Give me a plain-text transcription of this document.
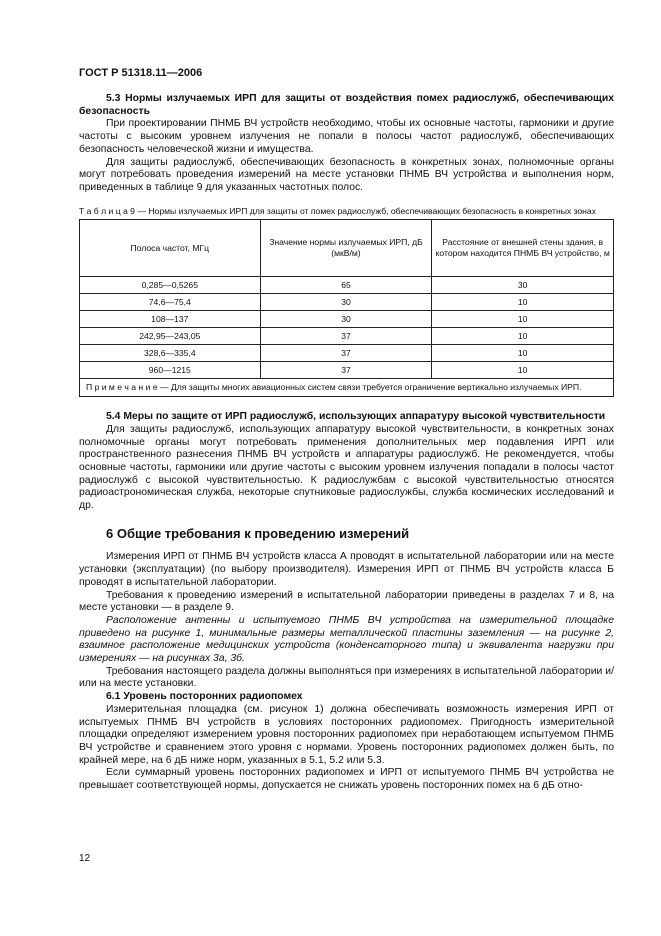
ГОСТ Р 51318.11—2006

5.3 Нормы излучаемых ИРП для защиты от воздействия помех радиослужб, обеспечивающих безопасность

При проектировании ПНМБ ВЧ устройств необходимо, чтобы их основные частоты, гармоники и другие частоты с высоким уровнем излучения не попали в полосы частот радиослужб, обеспечивающих безопасность человеческой жизни и имущества.

Для защиты радиослужб, обеспечивающих безопасность в конкретных зонах, полномочные органы могут потребовать проведения измерений на месте установки ПНМБ ВЧ устройства и выполнения норм, приведенных в таблице 9 для указанных частотных полос.

Т а б л и ц а 9 — Нормы излучаемых ИРП для защиты от помех радиослужб, обеспечивающих безопасность в конкретных зонах

Полоса частот, МГц	Значение нормы излучаемых ИРП, дБ (мкВ/м)	Расстояние от внешней стены здания, в котором находится ПНМБ ВЧ устройство, м
0,285—0,5265	65	30
74,6—75,4	30	10
108—137	30	10
242,95—243,05	37	10
328,6—335,4	37	10
960—1215	37	10
П р и м е ч а н и е — Для защиты многих авиационных систем связи требуется ограничение вертикально излучаемых ИРП.		

5.4 Меры по защите от ИРП радиослужб, использующих аппаратуру высокой чувствительности

Для защиты радиослужб, использующих аппаратуру высокой чувствительности, в конкретных зонах полномочные органы могут потребовать применения дополнительных мер подавления ИРП или пространственного разнесения ПНМБ ВЧ устройств и аппаратуры радиослужб. Не рекомендуется, чтобы основные частоты, гармоники или другие частоты с высоким уровнем излучения попадали в полосы частот радиослужб с высокой чувствительностью. К радиослужбам с высокой чувствительностью относятся радиоастрономическая служба, некоторые спутниковые радиослужбы, служба космических исследований и др.

6 Общие требования к проведению измерений

Измерения ИРП от ПНМБ ВЧ устройств класса А проводят в испытательной лаборатории или на месте установки (эксплуатации) (по выбору производителя). Измерения ИРП от ПНМБ ВЧ устройств класса Б проводят в испытательной лаборатории.

Требования к проведению измерений в испытательной лаборатории приведены в разделах 7 и 8, на месте установки — в разделе 9.

Расположение антенны и испытуемого ПНМБ ВЧ устройства на измерительной площадке приведено на рисунке 1, минимальные размеры металлической пластины заземления — на рисунке 2, взаимное расположение медицинских устройств (конденсаторного типа) и эквивалента нагрузки при измерениях — на рисунках 3а, 3б.

Требования настоящего раздела должны выполняться при измерениях в испытательной лаборатории и/или на месте установки.

6.1 Уровень посторонних радиопомех

Измерительная площадка (см. рисунок 1) должна обеспечивать возможность измерения ИРП от испытуемых ПНМБ ВЧ устройств в условиях посторонних радиопомех. Пригодность измерительной площадки определяют измерением уровня посторонних радиопомех при неработающем испытуемом ПНМБ ВЧ устройстве и сравнением этого уровня с нормами. Уровень посторонних радиопомех должен быть, по крайней мере, на 6 дБ ниже норм, указанных в 5.1, 5.2 или 5.3.

Если суммарный уровень посторонних радиопомех и ИРП от испытуемого ПНМБ ВЧ устройства не превышает соответствующей нормы, допускается не снижать уровень посторонних помех на 6 дБ отно-

12
